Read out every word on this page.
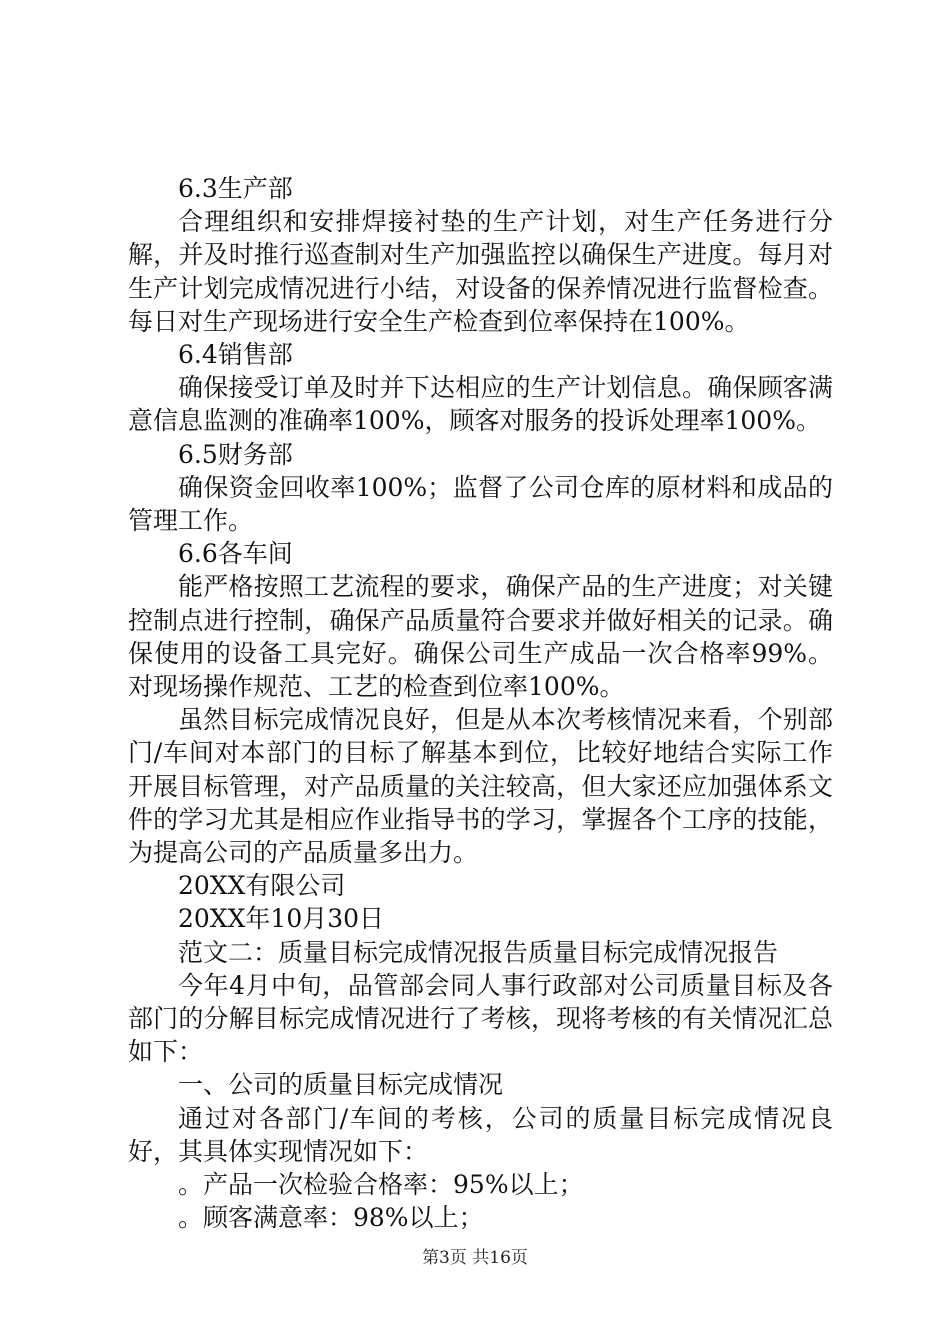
6.3生产部

合理组织和安排焊接衬垫的生产计划，对生产任务进行分解，并及时推行巡查制对生产加强监控以确保生产进度。每月对生产计划完成情况进行小结，对设备的保养情况进行监督检查。每日对生产现场进行安全生产检查到位率保持在100%。

6.4销售部

确保接受订单及时并下达相应的生产计划信息。确保顾客满意信息监测的准确率100%，顾客对服务的投诉处理率100%。

6.5财务部

确保资金回收率100%；监督了公司仓库的原材料和成品的管理工作。

6.6各车间

能严格按照工艺流程的要求，确保产品的生产进度；对关键控制点进行控制，确保产品质量符合要求并做好相关的记录。确保使用的设备工具完好。确保公司生产成品一次合格率99%。对现场操作规范、工艺的检查到位率100%。

虽然目标完成情况良好，但是从本次考核情况来看，个别部门/车间对本部门的目标了解基本到位，比较好地结合实际工作开展目标管理，对产品质量的关注较高，但大家还应加强体系文件的学习尤其是相应作业指导书的学习，掌握各个工序的技能，为提高公司的产品质量多出力。

20XX有限公司

20XX年10月30日

范文二：质量目标完成情况报告质量目标完成情况报告

今年4月中旬，品管部会同人事行政部对公司质量目标及各部门的分解目标完成情况进行了考核，现将考核的有关情况汇总如下：

一、公司的质量目标完成情况

通过对各部门/车间的考核，公司的质量目标完成情况良好，其具体实现情况如下：

。产品一次检验合格率：95%以上；

。顾客满意率：98%以上；

第3页 共16页
